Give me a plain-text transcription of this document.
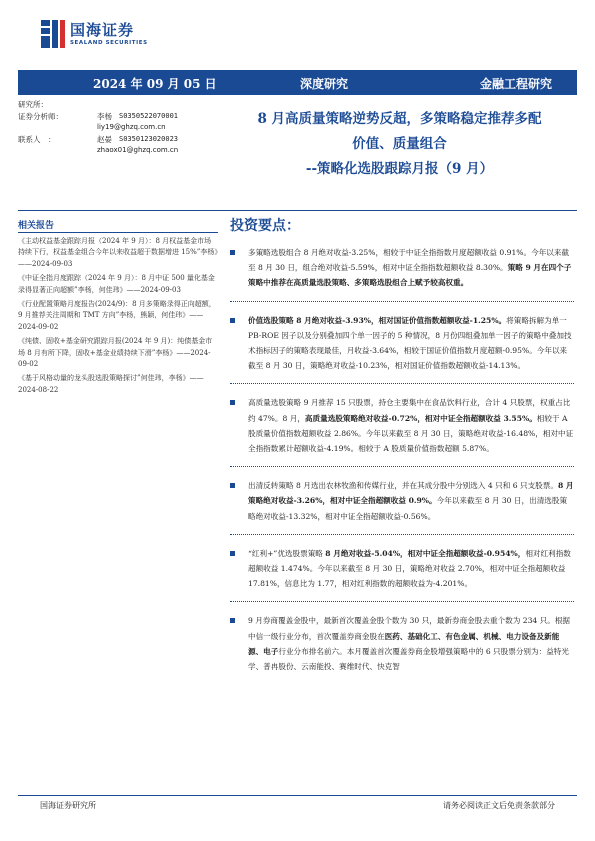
国海证券
SEALAND SECURITIES
2024 年 09 月 05 日	深度研究	金融工程研究
研究所：
证券分析师：	李杨 S0350522070001
liy19@ghzq.com.cn
联系人　：	赵晏 S0350123020023
zhaox01@ghzq.com.cn
8 月高质量策略逆势反超，多策略稳定推荐多配
价值、质量组合
--策略化选股跟踪月报（9 月）
相关报告
《主动权益基金跟踪月报（2024 年 9 月）：8 月权益基金市场持续下行，权益基金组合今年以来收益超于数据增进 15%”李杨》——2024-09-03
《中证全指月度跟踪（2024 年 9 月）：8 月中证 500 量化基金录得显著正向超额”李杨，何佳玮》——2024-09-03
《行业配置策略月度报告(2024/9)：8 月多策略录得正向超额，9 月推荐关注周期和 TMT 方向”李杨，熊颖，何佳玮》——2024-09-02
《纯债、固收+基金研究跟踪月报(2024 年 9 月)：纯债基金市场 8 月有所下降，固收+基金业绩持续下滑”李杨》——2024-09-02
《基于风格动量的龙头股选股策略探讨”何佳玮，李杨》——2024-08-22
投资要点：
多策略选股组合 8 月绝对收益-3.25%，相较于中证全指指数月度超额收益 0.91%。今年以来截至 8 月 30 日，组合绝对收益-5.59%，相对中证全指指数超额收益 8.30%。策略 9 月在四个子策略中推荐在高质量选股策略、多策略选股组合上赋予较高权重。
价值选股策略 8 月绝对收益-3.93%，相对国证价值指数超额收益-1.25%。将策略拆解为单一 PB-ROE 因子以及分别叠加四个单一因子的 5 种情况，8 月份四组叠加单一因子的策略中叠加技术指标因子的策略表现最佳，月收益-3.64%，相较于国证价值指数月度超额-0.95%。今年以来截至 8 月 30 日，策略绝对收益-10.23%，相对国证价值指数超额收益-14.13%。
高质量选股策略 9 月推荐 15 只股票，持仓主要集中在食品饮料行业，合计 4 只股票，权重占比约 47%。8 月，高质量选股策略绝对收益-0.72%，相对中证全指超额收益 3.55%。相较于 A 股质量价值指数超额收益 2.86%。今年以来截至 8 月 30 日，策略绝对收益-16.48%，相对中证全指指数累计超额收益-4.19%。相较于 A 股质量价值指数超额 5.87%。
出清反转策略 8 月选出农林牧渔和传媒行业，并在其成分股中分别选入 4 只和 6 只支股票。8 月策略绝对收益-3.26%，相对中证全指超额收益 0.9%。今年以来截至 8 月 30 日，出清选股策略绝对收益-13.32%，相对中证全指超额收益-0.56%。
“红利+”优选股票策略 8 月绝对收益-5.04%，相对中证全指超额收益-0.954%，相对红利指数超额收益 1.474%。今年以来截至 8 月 30 日，策略绝对收益 2.70%，相对中证全指超额收益 17.81%，信息比为 1.77，相对红利指数的超额收益为-4.201%。
9 月券商覆盖金股中，最新首次覆盖金股个数为 30 只，最新券商金股去重个数为 234 只。根据中信一级行业分布，首次覆盖券商金股在医药、基础化工、有色金属、机械、电力设备及新能源、电子行业分布排名前六。本月覆盖首次覆盖券商金股增强策略中的 6 只股票分别为：益特光学、普冉股份、云南能投、赛维时代、快克智
国海证券研究所	请务必阅读正文后免责条款部分
